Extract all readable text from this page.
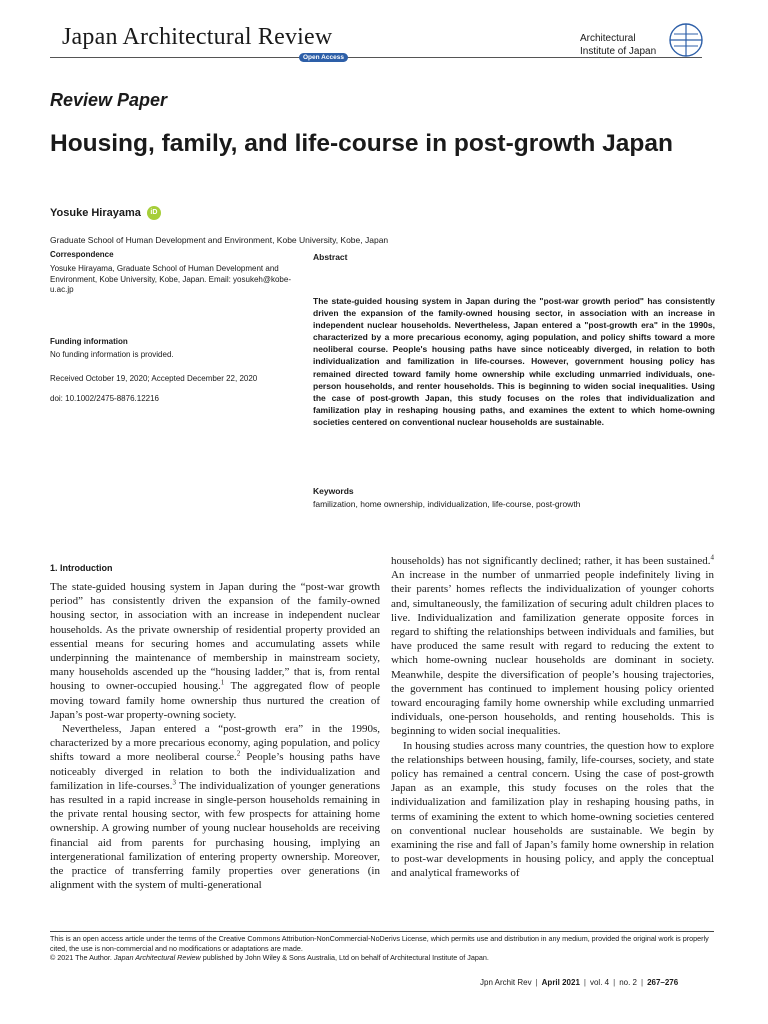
Japan Architectural Review
Open Access
Architectural
Institute of Japan
Review Paper
Housing, family, and life-course in post-growth Japan
Yosuke Hirayama	iD
Graduate School of Human Development and Environment, Kobe University, Kobe, Japan
Correspondence
Yosuke Hirayama, Graduate School of Human Development and Environment, Kobe University, Kobe, Japan. Email: yosukeh@kobe-u.ac.jp
Funding information
No funding information is provided.
Received October 19, 2020; Accepted December 22, 2020
doi: 10.1002/2475-8876.12216
Abstract
The state-guided housing system in Japan during the "post-war growth period" has consistently driven the expansion of the family-owned housing sector, in association with an increase in independent nuclear households. Nevertheless, Japan entered a "post-growth era" in the 1990s, characterized by a more precarious economy, aging population, and policy shifts toward a more neoliberal course. People's housing paths have since noticeably diverged, in relation to both individualization and familization in life-courses. However, government housing policy has remained directed toward family home ownership while excluding unmarried individuals, one-person households, and renter households. This is beginning to widen social inequalities. Using the case of post-growth Japan, this study focuses on the roles that individualization and familization play in reshaping housing paths, and examines the extent to which home-owning societies centered on conventional nuclear households are sustainable.
Keywords
familization, home ownership, individualization, life-course, post-growth
1. Introduction

The state-guided housing system in Japan during the “post-war growth period” has consistently driven the expansion of the family-owned housing sector, in association with an increase in independent nuclear households. As the private ownership of residential property provided an essential means for securing homes and accumulating assets while underpinning the maintenance of membership in mainstream society, many households ascended up the “housing ladder,” that is, from rental housing to owner-occupied housing.$^1$ The aggregated flow of people moving toward family home ownership thus nurtured the creation of Japan’s post-war property-owning society.

Nevertheless, Japan entered a “post-growth era” in the 1990s, characterized by a more precarious economy, aging population, and policy shifts toward a more neoliberal course.$^2$ People’s housing paths have noticeably diverged in relation to both the individualization and familization in life-courses.$^3$ The individualization of younger generations has resulted in a rapid increase in single-person households remaining in the private rental housing sector, with few prospects for attaining home ownership. A growing number of young nuclear households are receiving financial aid from parents for purchasing housing, implying an intergenerational familization of entering property ownership. Moreover, the practice of transferring family properties over generations (in alignment with the system of multi-generational

households) has not significantly declined; rather, it has been sustained.$^4$ An increase in the number of unmarried people indefinitely living in their parents’ homes reflects the individualization of younger cohorts and, simultaneously, the familization of securing adult children places to live. Individualization and familization generate opposite forces in regard to shifting the relationships between individuals and families, but have produced the same result with regard to reducing the extent to which home-owning nuclear households are dominant in society. Meanwhile, despite the diversification of people’s housing trajectories, the government has continued to implement housing policy oriented toward encouraging family home ownership while excluding unmarried individuals, one-person households, and renting households. This is beginning to widen social inequalities.

In housing studies across many countries, the question how to explore the relationships between housing, family, life-courses, society, and state policy has remained a central concern. Using the case of post-growth Japan as an example, this study focuses on the roles that the individualization and familization play in reshaping housing paths, in terms of examining the extent to which home-owning societies centered on conventional nuclear households are sustainable. We begin by examining the rise and fall of Japan’s family home ownership in relation to post-war developments in housing policy, and apply the conceptual and analytical frameworks of

This is an open access article under the terms of the Creative Commons Attribution-NonCommercial-NoDerivs License, which permits use and distribution in any medium, provided the original work is properly cited, the use is non-commercial and no modifications or adaptations are made.
© 2021 The Author. Japan Architectural Review published by John Wiley & Sons Australia, Ltd on behalf of Architectural Institute of Japan.
Jpn Archit Rev | April 2021 | vol. 4 | no. 2 | 267–276
